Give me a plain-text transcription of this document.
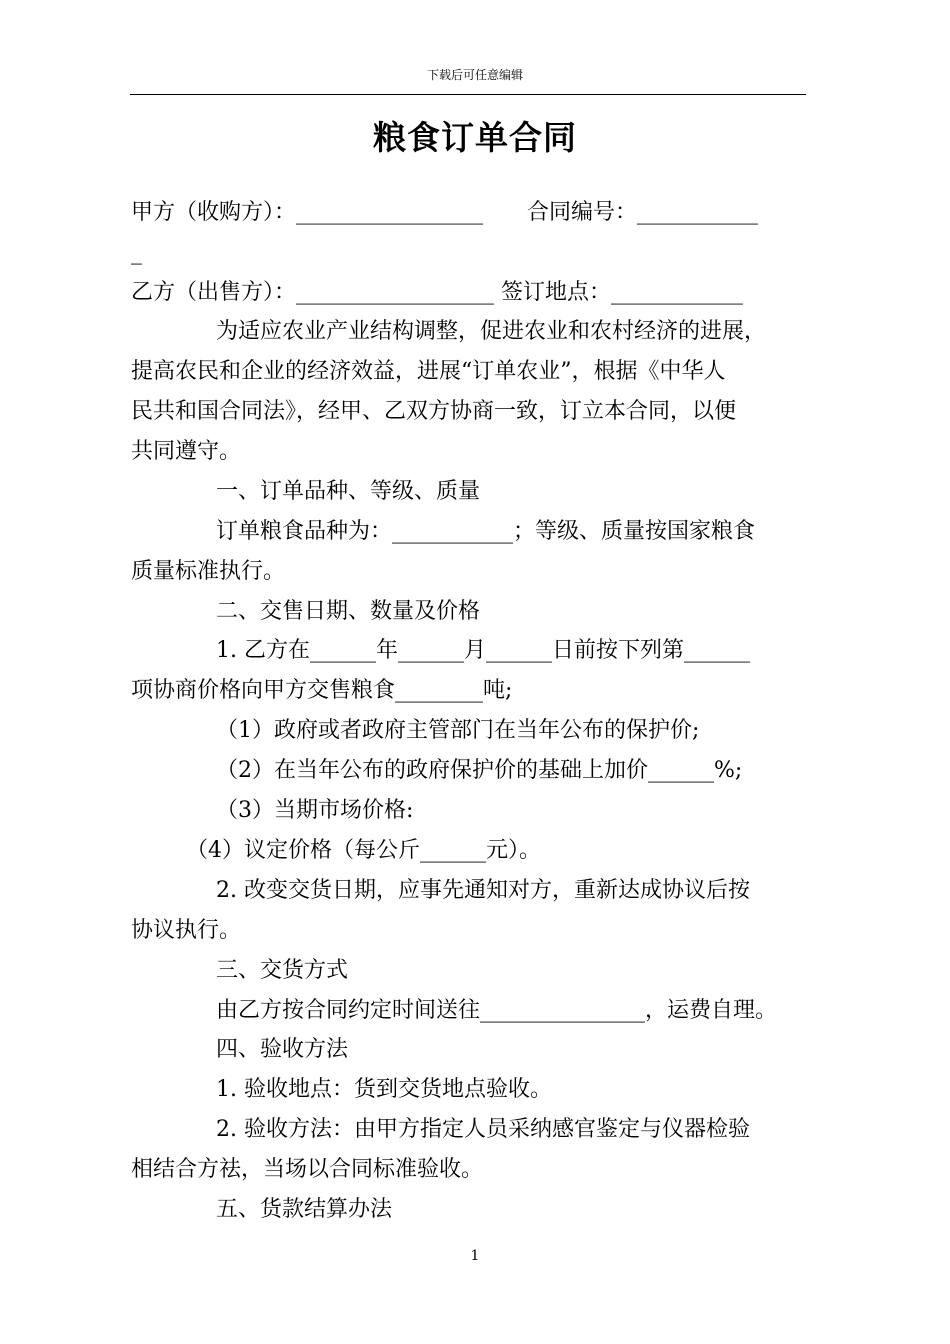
下载后可任意编辑
粮食订单合同
甲方（收购方）：_________________　　合同编号：___________
_
乙方（出售方）：__________________ 签订地点：____________
为适应农业产业结构调整，促进农业和农村经济的进展，
提高农民和企业的经济效益，进展“订单农业”，根据《中华人
民共和国合同法》，经甲、乙双方协商一致，订立本合同，以便
共同遵守。
一、订单品种、等级、质量
订单粮食品种为：___________；等级、质量按国家粮食
质量标准执行。
二、交售日期、数量及价格
1. 乙方在______年______月______日前按下列第______
项协商价格向甲方交售粮食________吨;
（1）政府或者政府主管部门在当年公布的保护价;
（2）在当年公布的政府保护价的基础上加价______%;
（3）当期市场价格:
（4）议定价格（每公斤______元）。
2. 改变交货日期，应事先通知对方，重新达成协议后按
协议执行。
三、交货方式
由乙方按合同约定时间送往_______________，运费自理。
四、验收方法
1. 验收地点：货到交货地点验收。
2. 验收方法：由甲方指定人员采纳感官鉴定与仪器检验
相结合方祛，当场以合同标准验收。
五、货款结算办法
1
